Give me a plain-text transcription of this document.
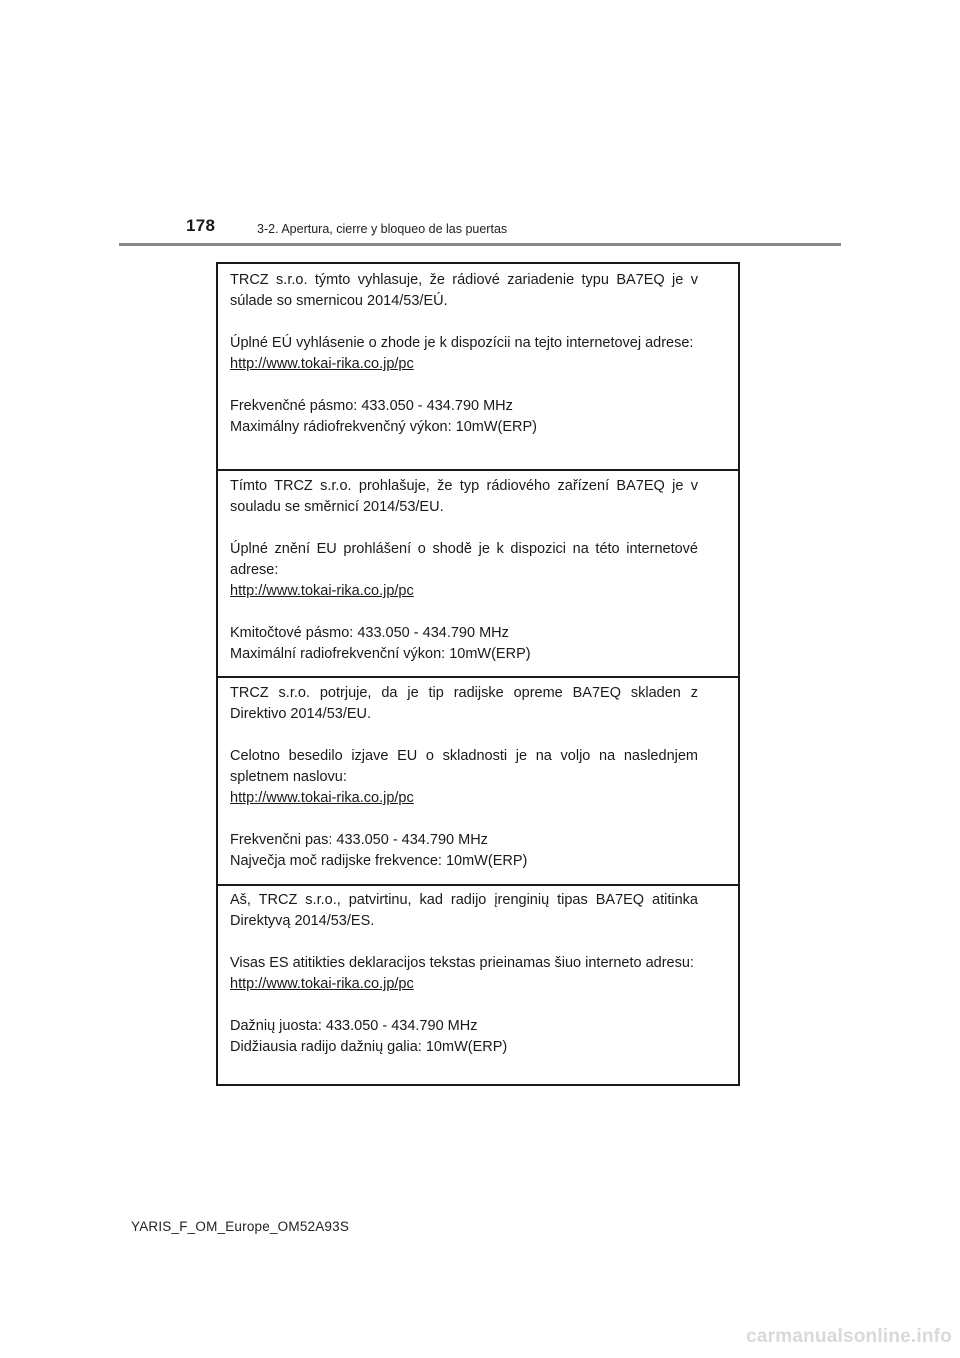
178	3-2. Apertura, cierre y bloqueo de las puertas

TRCZ s.r.o. týmto vyhlasuje, že rádiové zariadenie typu BA7EQ je v súlade so smernicou 2014/53/EÚ.

Úplné EÚ vyhlásenie o zhode je k dispozícii na tejto internetovej adrese:

http://www.tokai-rika.co.jp/pc
Frekvenčné pásmo: 433.050 - 434.790 MHz
Maximálny rádiofrekvenčný výkon: 10mW(ERP)

Tímto TRCZ s.r.o. prohlašuje, že typ rádiového zařízení BA7EQ je v souladu se směrnicí 2014/53/EU.

Úplné znění EU prohlášení o shodě je k dispozici na této internetové adrese:

http://www.tokai-rika.co.jp/pc
Kmitočtové pásmo: 433.050 - 434.790 MHz
Maximální radiofrekvenční výkon: 10mW(ERP)

TRCZ s.r.o. potrjuje, da je tip radijske opreme BA7EQ skladen z Direktivo 2014/53/EU.

Celotno besedilo izjave EU o skladnosti je na voljo na naslednjem spletnem naslovu:

http://www.tokai-rika.co.jp/pc
Frekvenčni pas: 433.050 - 434.790 MHz
Največja moč radijske frekvence: 10mW(ERP)

Aš, TRCZ s.r.o., patvirtinu, kad radijo įrenginių tipas BA7EQ atitinka Direktyvą 2014/53/ES.

Visas ES atitikties deklaracijos tekstas prieinamas šiuo interneto adresu:

http://www.tokai-rika.co.jp/pc
Dažnių juosta: 433.050 - 434.790 MHz
Didžiausia radijo dažnių galia: 10mW(ERP)
YARIS_F_OM_Europe_OM52A93S
carmanualsonline.info
